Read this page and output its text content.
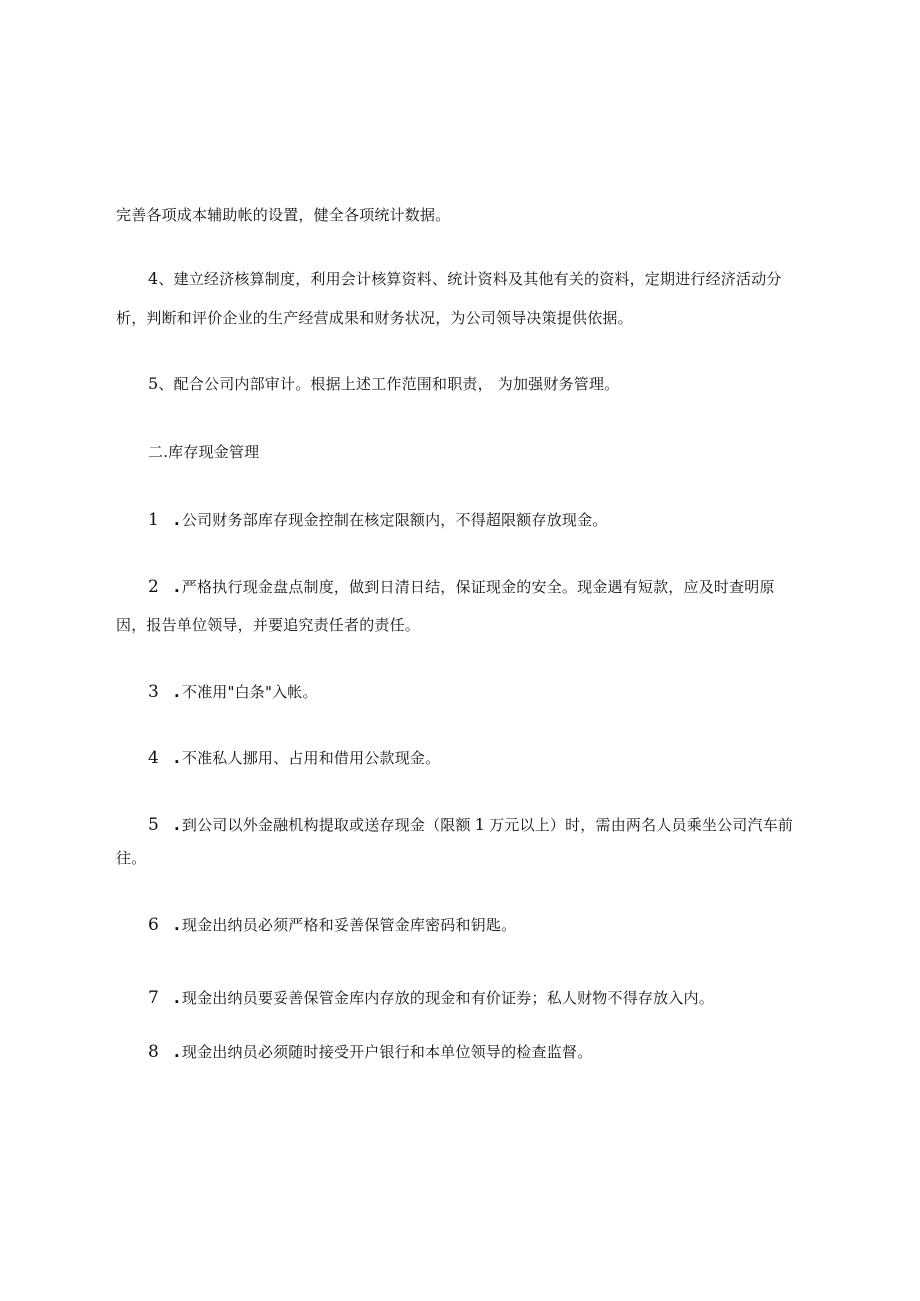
完善各项成本辅助帐的设置，健全各项统计数据。
4、建立经济核算制度，利用会计核算资料、统计资料及其他有关的资料，定期进行经济活动分
析，判断和评价企业的生产经营成果和财务状况，为公司领导决策提供依据。
5、配合公司内部审计。根据上述工作范围和职责， 为加强财务管理。
二.库存现金管理
1 . 公司财务部库存现金控制在核定限额内，不得超限额存放现金。
2 . 严格执行现金盘点制度，做到日清日结，保证现金的安全。现金遇有短款，应及时查明原
因，报告单位领导，并要追究责任者的责任。
3 . 不准用"白条"入帐。
4 . 不准私人挪用、占用和借用公款现金。
5 . 到公司以外金融机构提取或送存现金（限额 1 万元以上）时，需由两名人员乘坐公司汽车前
往。
6 . 现金出纳员必须严格和妥善保管金库密码和钥匙。
7 . 现金出纳员要妥善保管金库内存放的现金和有价证券；私人财物不得存放入内。
8 . 现金出纳员必须随时接受开户银行和本单位领导的检查监督。
